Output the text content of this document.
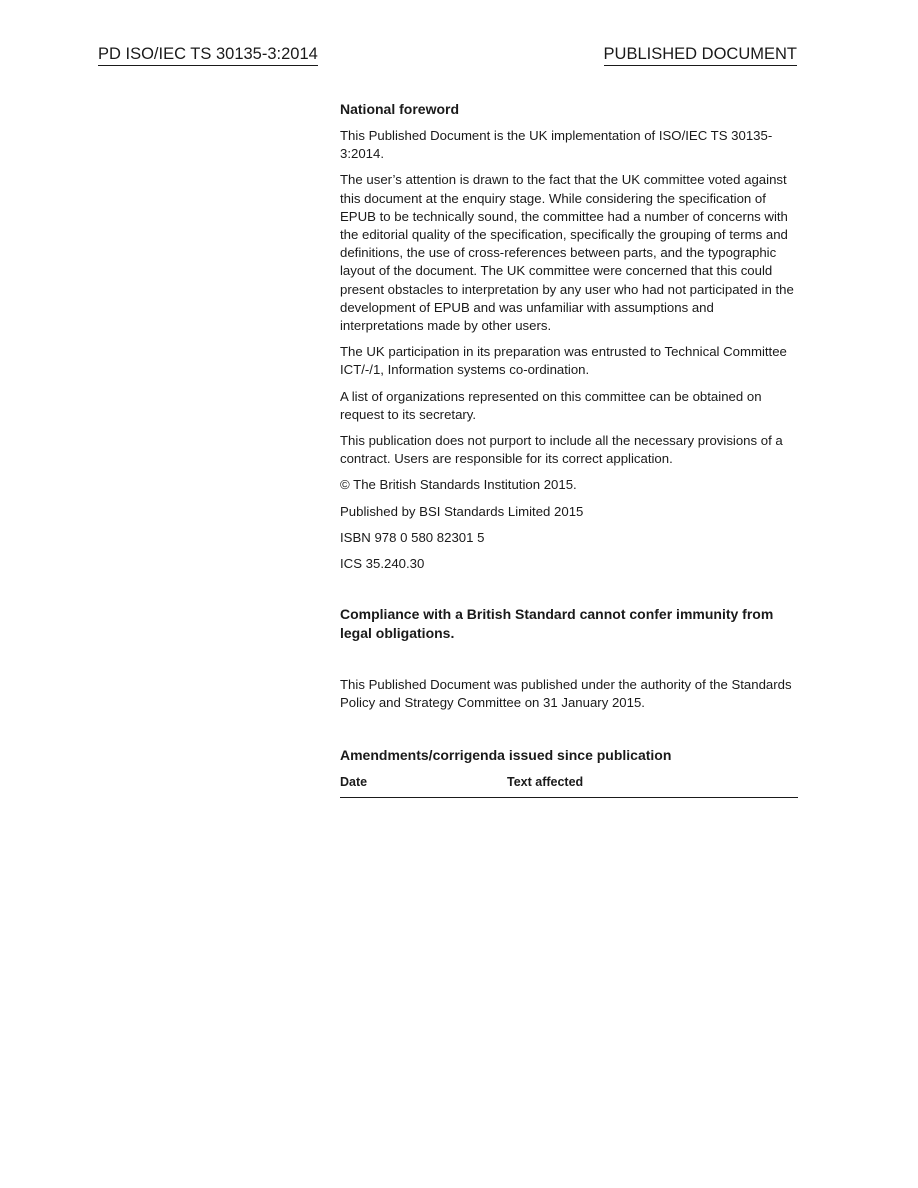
PD ISO/IEC TS 30135-3:2014	PUBLISHED DOCUMENT
National foreword

This Published Document is the UK implementation of ISO/IEC TS 30135-3:2014.

The user’s attention is drawn to the fact that the UK committee voted against this document at the enquiry stage. While considering the specification of EPUB to be technically sound, the committee had a number of concerns with the editorial quality of the specification, specifically the grouping of terms and definitions, the use of cross-references between parts, and the typographic layout of the document. The UK committee were concerned that this could present obstacles to interpretation by any user who had not participated in the development of EPUB and was unfamiliar with assumptions and interpretations made by other users.

The UK participation in its preparation was entrusted to Technical Committee ICT/-/1, Information systems co-ordination.

A list of organizations represented on this committee can be obtained on request to its secretary.

This publication does not purport to include all the necessary provisions of a contract. Users are responsible for its correct application.

© The British Standards Institution 2015.

Published by BSI Standards Limited 2015

ISBN 978 0 580 82301 5

ICS 35.240.30

Compliance with a British Standard cannot confer immunity from legal obligations.

This Published Document was published under the authority of the Standards Policy and Strategy Committee on 31 January 2015.

Amendments/corrigenda issued since publication
Date	Text affected
